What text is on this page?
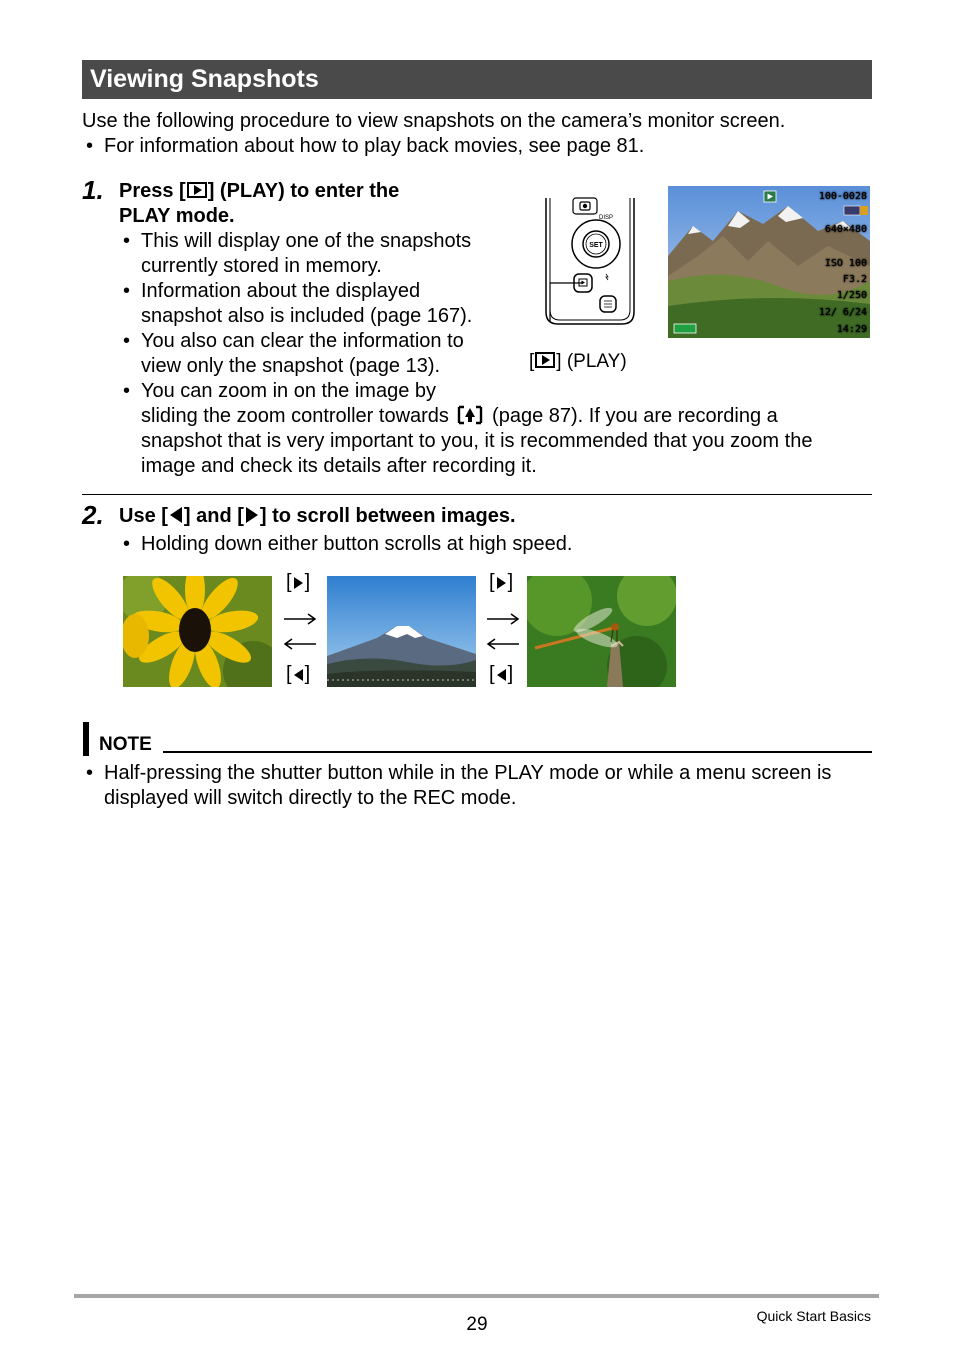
Viewing Snapshots
Use the following procedure to view snapshots on the camera’s monitor screen.
• For information about how to play back movies, see page 81.
1. Press [ ] (PLAY) to enter the
PLAY mode.
• This will display one of the snapshots
currently stored in memory.
• Information about the displayed
snapshot also is included (page 167).
• You also can clear the information to
view only the snapshot (page 13).
• You can zoom in on the image by
sliding the zoom controller towards (page 87). If you are recording a
snapshot that is very important to you, it is recommended that you zoom the
image and check its details after recording it.
DISP
SET
[ ] (PLAY)
100-0028
640×480
ISO 100
F3.2
1/250
12/ 6/24
14:29
2. Use [ ] and [ ] to scroll between images.
• Holding down either button scrolls at high speed.
[ ]
[ ]
[ ]
[ ]
NOTE
• Half-pressing the shutter button while in the PLAY mode or while a menu screen is
displayed will switch directly to the REC mode.
29	Quick Start Basics
